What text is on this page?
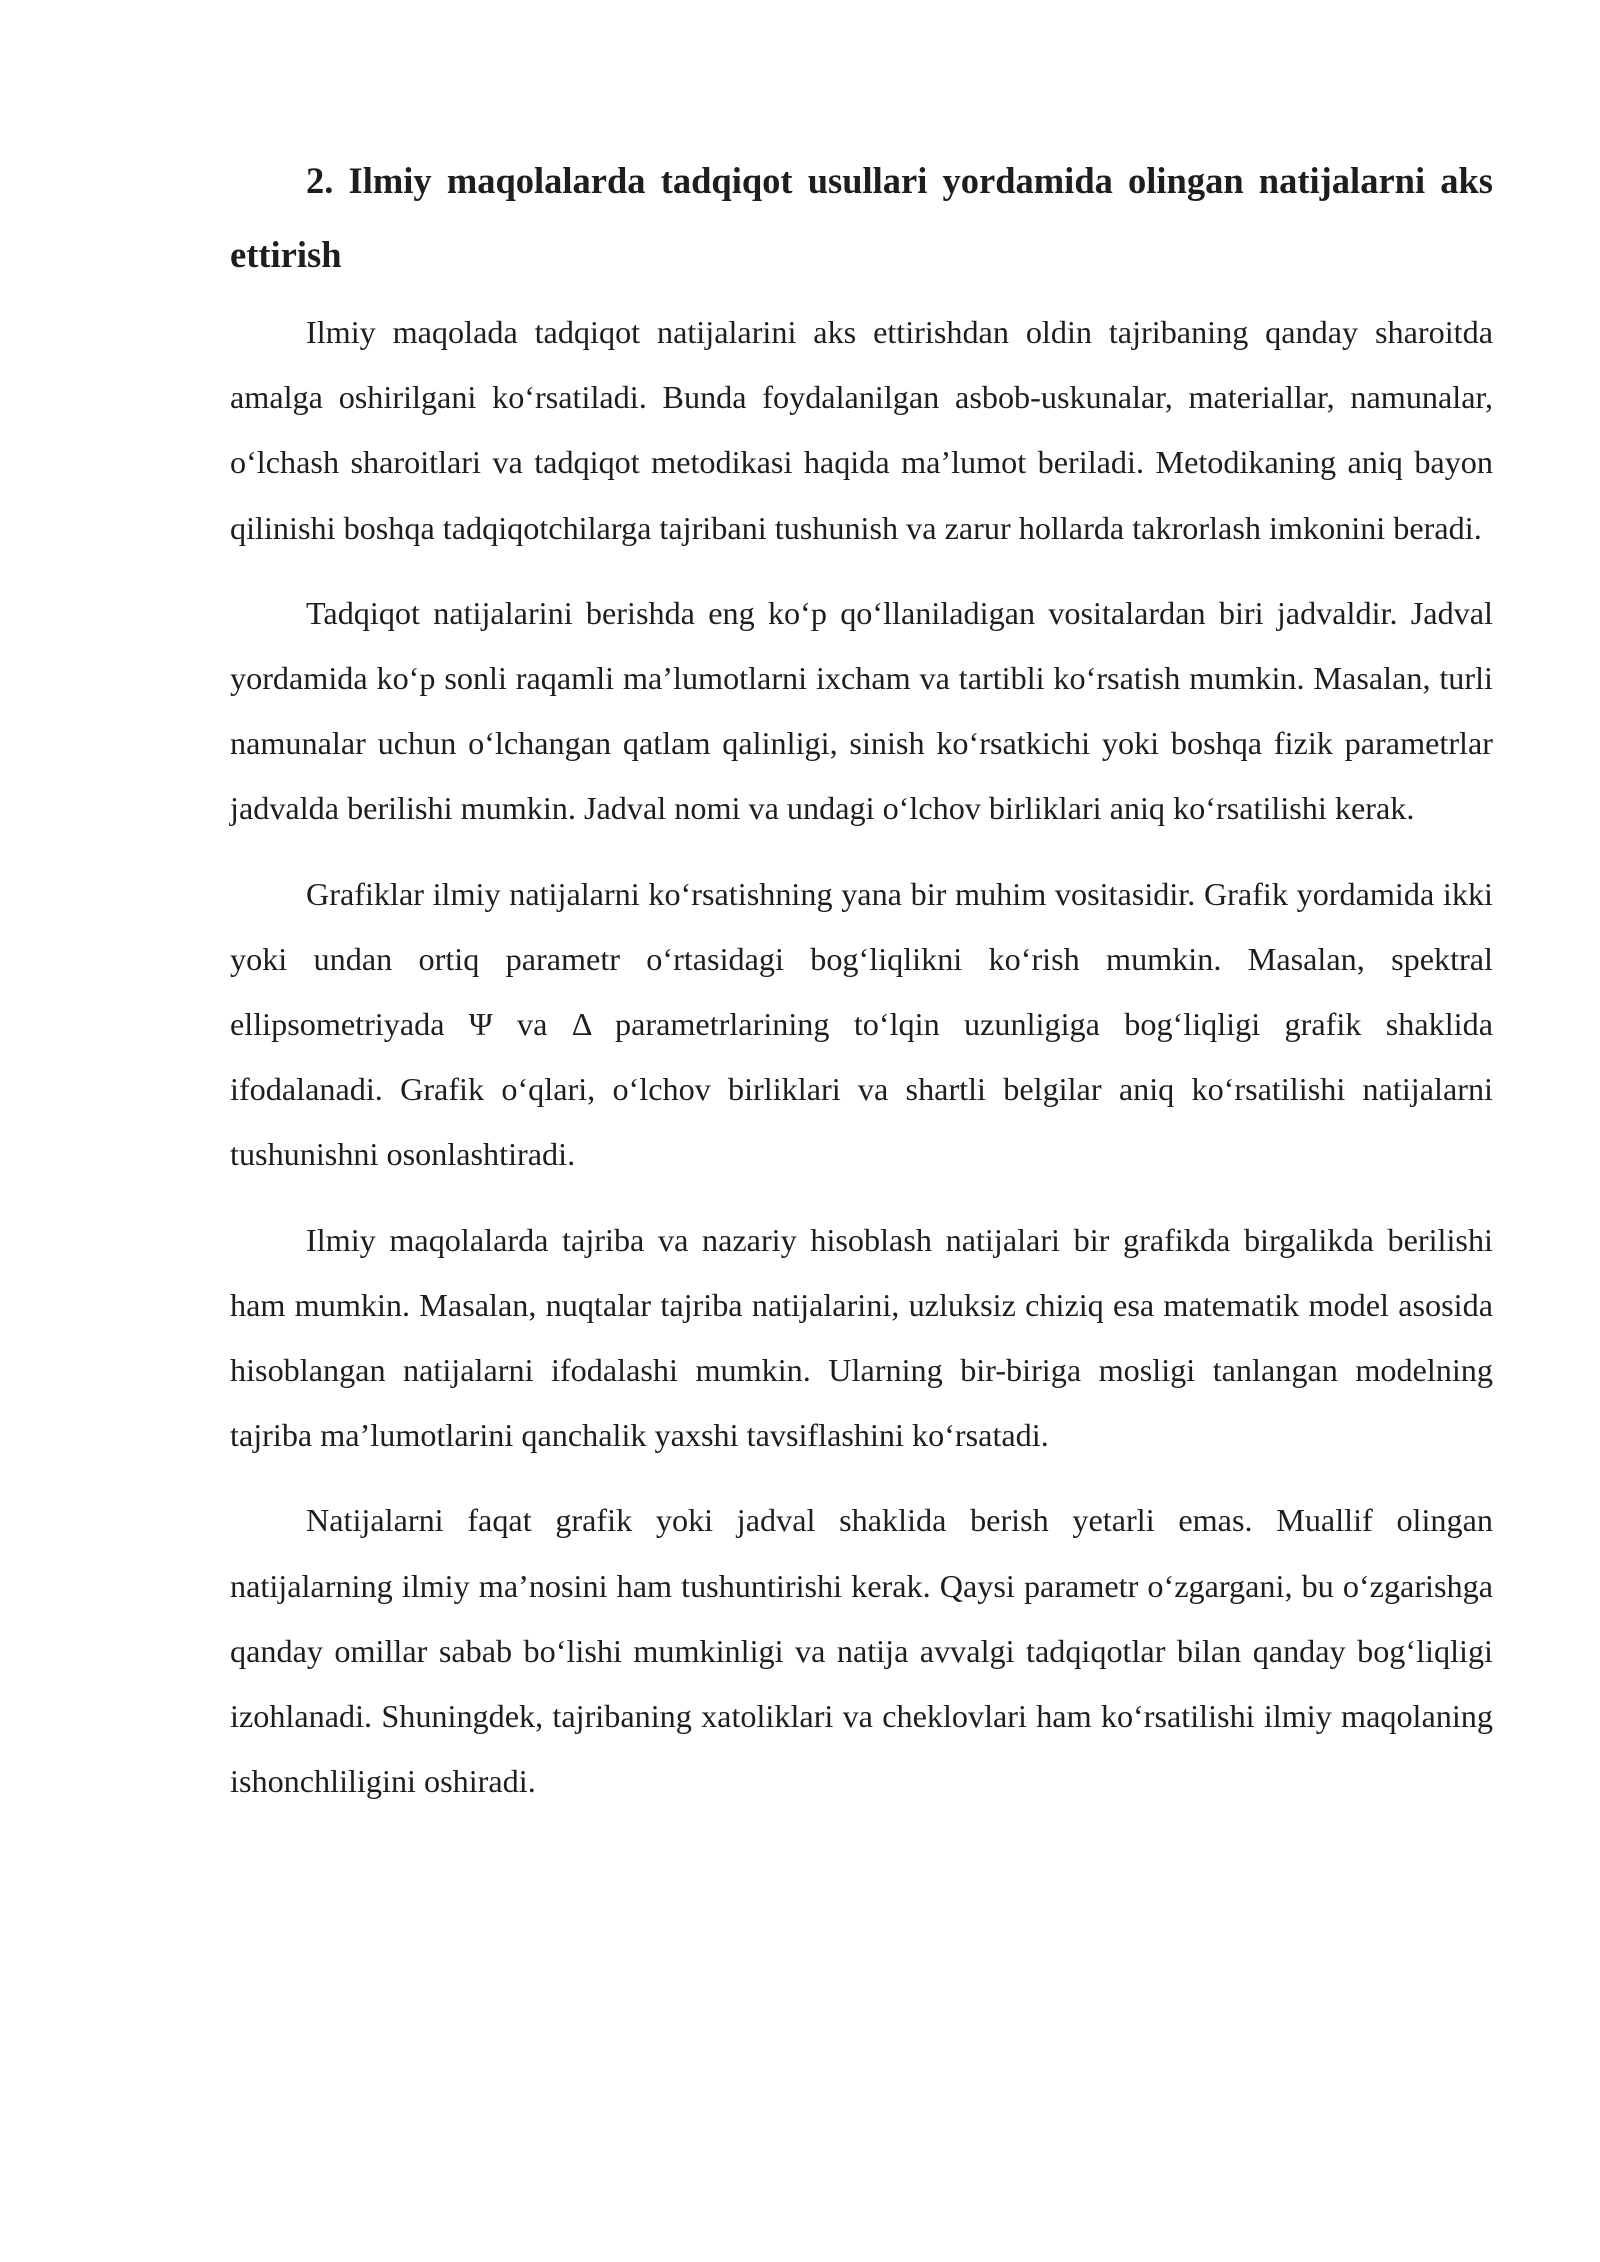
2. Ilmiy maqolalarda tadqiqot usullari yordamida olingan natijalarni aks ettirish

Ilmiy maqolada tadqiqot natijalarini aks ettirishdan oldin tajribaning qanday sharoitda amalga oshirilgani ko‘rsatiladi. Bunda foydalanilgan asbob-uskunalar, materiallar, namunalar, o‘lchash sharoitlari va tadqiqot metodikasi haqida ma’lumot beriladi. Metodikaning aniq bayon qilinishi boshqa tadqiqotchilarga tajribani tushunish va zarur hollarda takrorlash imkonini beradi.

Tadqiqot natijalarini berishda eng ko‘p qo‘llaniladigan vositalardan biri jadvaldir. Jadval yordamida ko‘p sonli raqamli ma’lumotlarni ixcham va tartibli ko‘rsatish mumkin. Masalan, turli namunalar uchun o‘lchangan qatlam qalinligi, sinish ko‘rsatkichi yoki boshqa fizik parametrlar jadvalda berilishi mumkin. Jadval nomi va undagi o‘lchov birliklari aniq ko‘rsatilishi kerak.

Grafiklar ilmiy natijalarni ko‘rsatishning yana bir muhim vositasidir. Grafik yordamida ikki yoki undan ortiq parametr o‘rtasidagi bog‘liqlikni ko‘rish mumkin. Masalan, spektral ellipsometriyada Ψ va Δ parametrlarining to‘lqin uzunligiga bog‘liqligi grafik shaklida ifodalanadi. Grafik o‘qlari, o‘lchov birliklari va shartli belgilar aniq ko‘rsatilishi natijalarni tushunishni osonlashtiradi.

Ilmiy maqolalarda tajriba va nazariy hisoblash natijalari bir grafikda birgalikda berilishi ham mumkin. Masalan, nuqtalar tajriba natijalarini, uzluksiz chiziq esa matematik model asosida hisoblangan natijalarni ifodalashi mumkin. Ularning bir-biriga mosligi tanlangan modelning tajriba ma’lumotlarini qanchalik yaxshi tavsiflashini ko‘rsatadi.

Natijalarni faqat grafik yoki jadval shaklida berish yetarli emas. Muallif olingan natijalarning ilmiy ma’nosini ham tushuntirishi kerak. Qaysi parametr o‘zgargani, bu o‘zgarishga qanday omillar sabab bo‘lishi mumkinligi va natija avvalgi tadqiqotlar bilan qanday bog‘liqligi izohlanadi. Shuningdek, tajribaning xatoliklari va cheklovlari ham ko‘rsatilishi ilmiy maqolaning ishonchliligini oshiradi.
